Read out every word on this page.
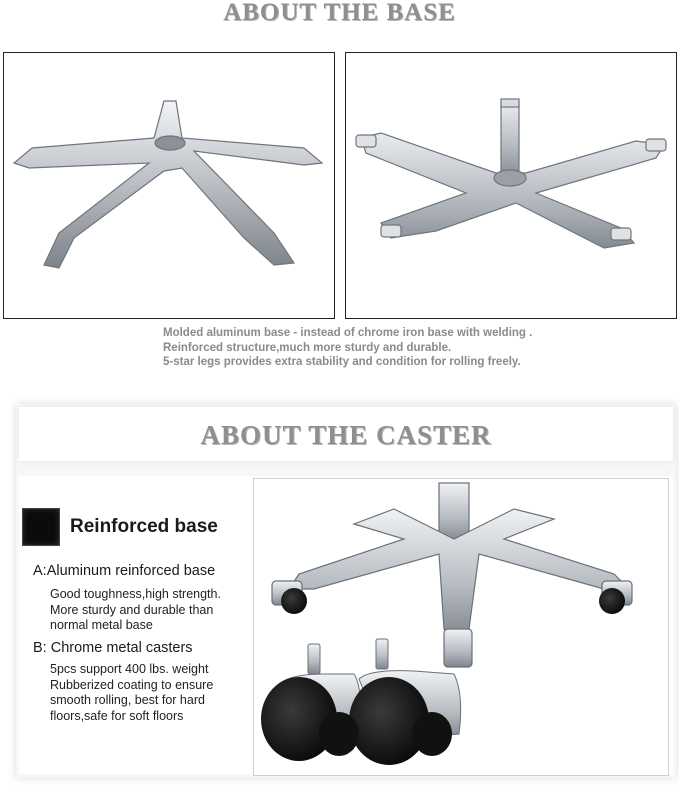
ABOUT THE BASE
Molded aluminum base - instead of chrome iron base with welding .
Reinforced structure,much more sturdy and durable.
5-star legs provides extra stability and condition for rolling freely.
ABOUT THE CASTER
Reinforced base
A:Aluminum reinforced base
Good toughness,high strength.
More sturdy and durable than
normal metal base
B: Chrome metal casters
5pcs support 400 lbs. weight
Rubberized coating to ensure
smooth rolling, best for hard
floors,safe for soft floors
